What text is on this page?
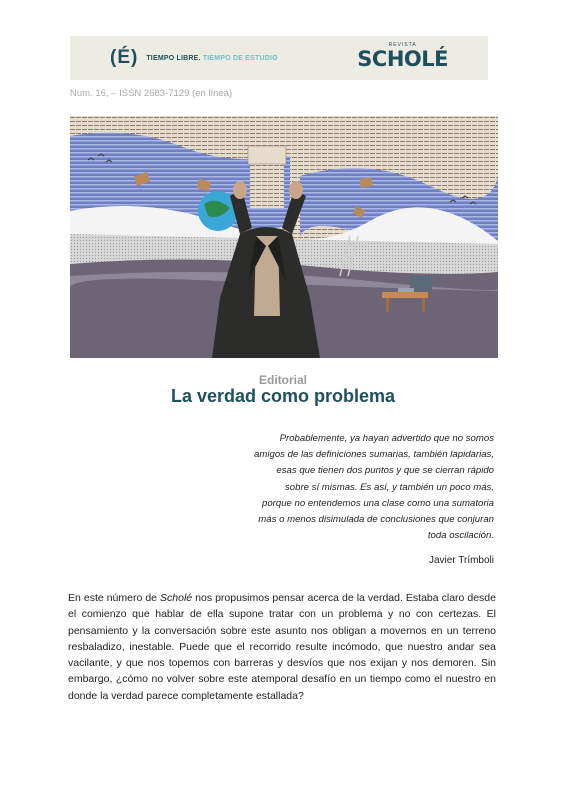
(É) TIEMPO LIBRE. TIEMPO DE ESTUDIO
REVISTA
SCHOLÉ
Num. 16, – ISSN 2683-7129 (en línea)
Editorial
La verdad como problema
Probablemente, ya hayan advertido que no somos amigos de las definiciones sumarias, también lapidarias, esas que tienen dos puntos y que se cierran rápido sobre sí mismas. Es así, y también un poco más, porque no entendemos una clase como una sumatoria más o menos disimulada de conclusiones que conjuran toda oscilación.
Javier Trímboli
En este número de Scholé nos propusimos pensar acerca de la verdad. Estaba claro desde el comienzo que hablar de ella supone tratar con un problema y no con certezas. El pensamiento y la conversación sobre este asunto nos obligan a movernos en un terreno resbaladizo, inestable. Puede que el recorrido resulte incómodo, que nuestro andar sea vacilante, y que nos topemos con barreras y desvíos que nos exijan y nos demoren. Sin embargo, ¿cómo no volver sobre este atemporal desafío en un tiempo como el nuestro en donde la verdad parece completamente estallada?
